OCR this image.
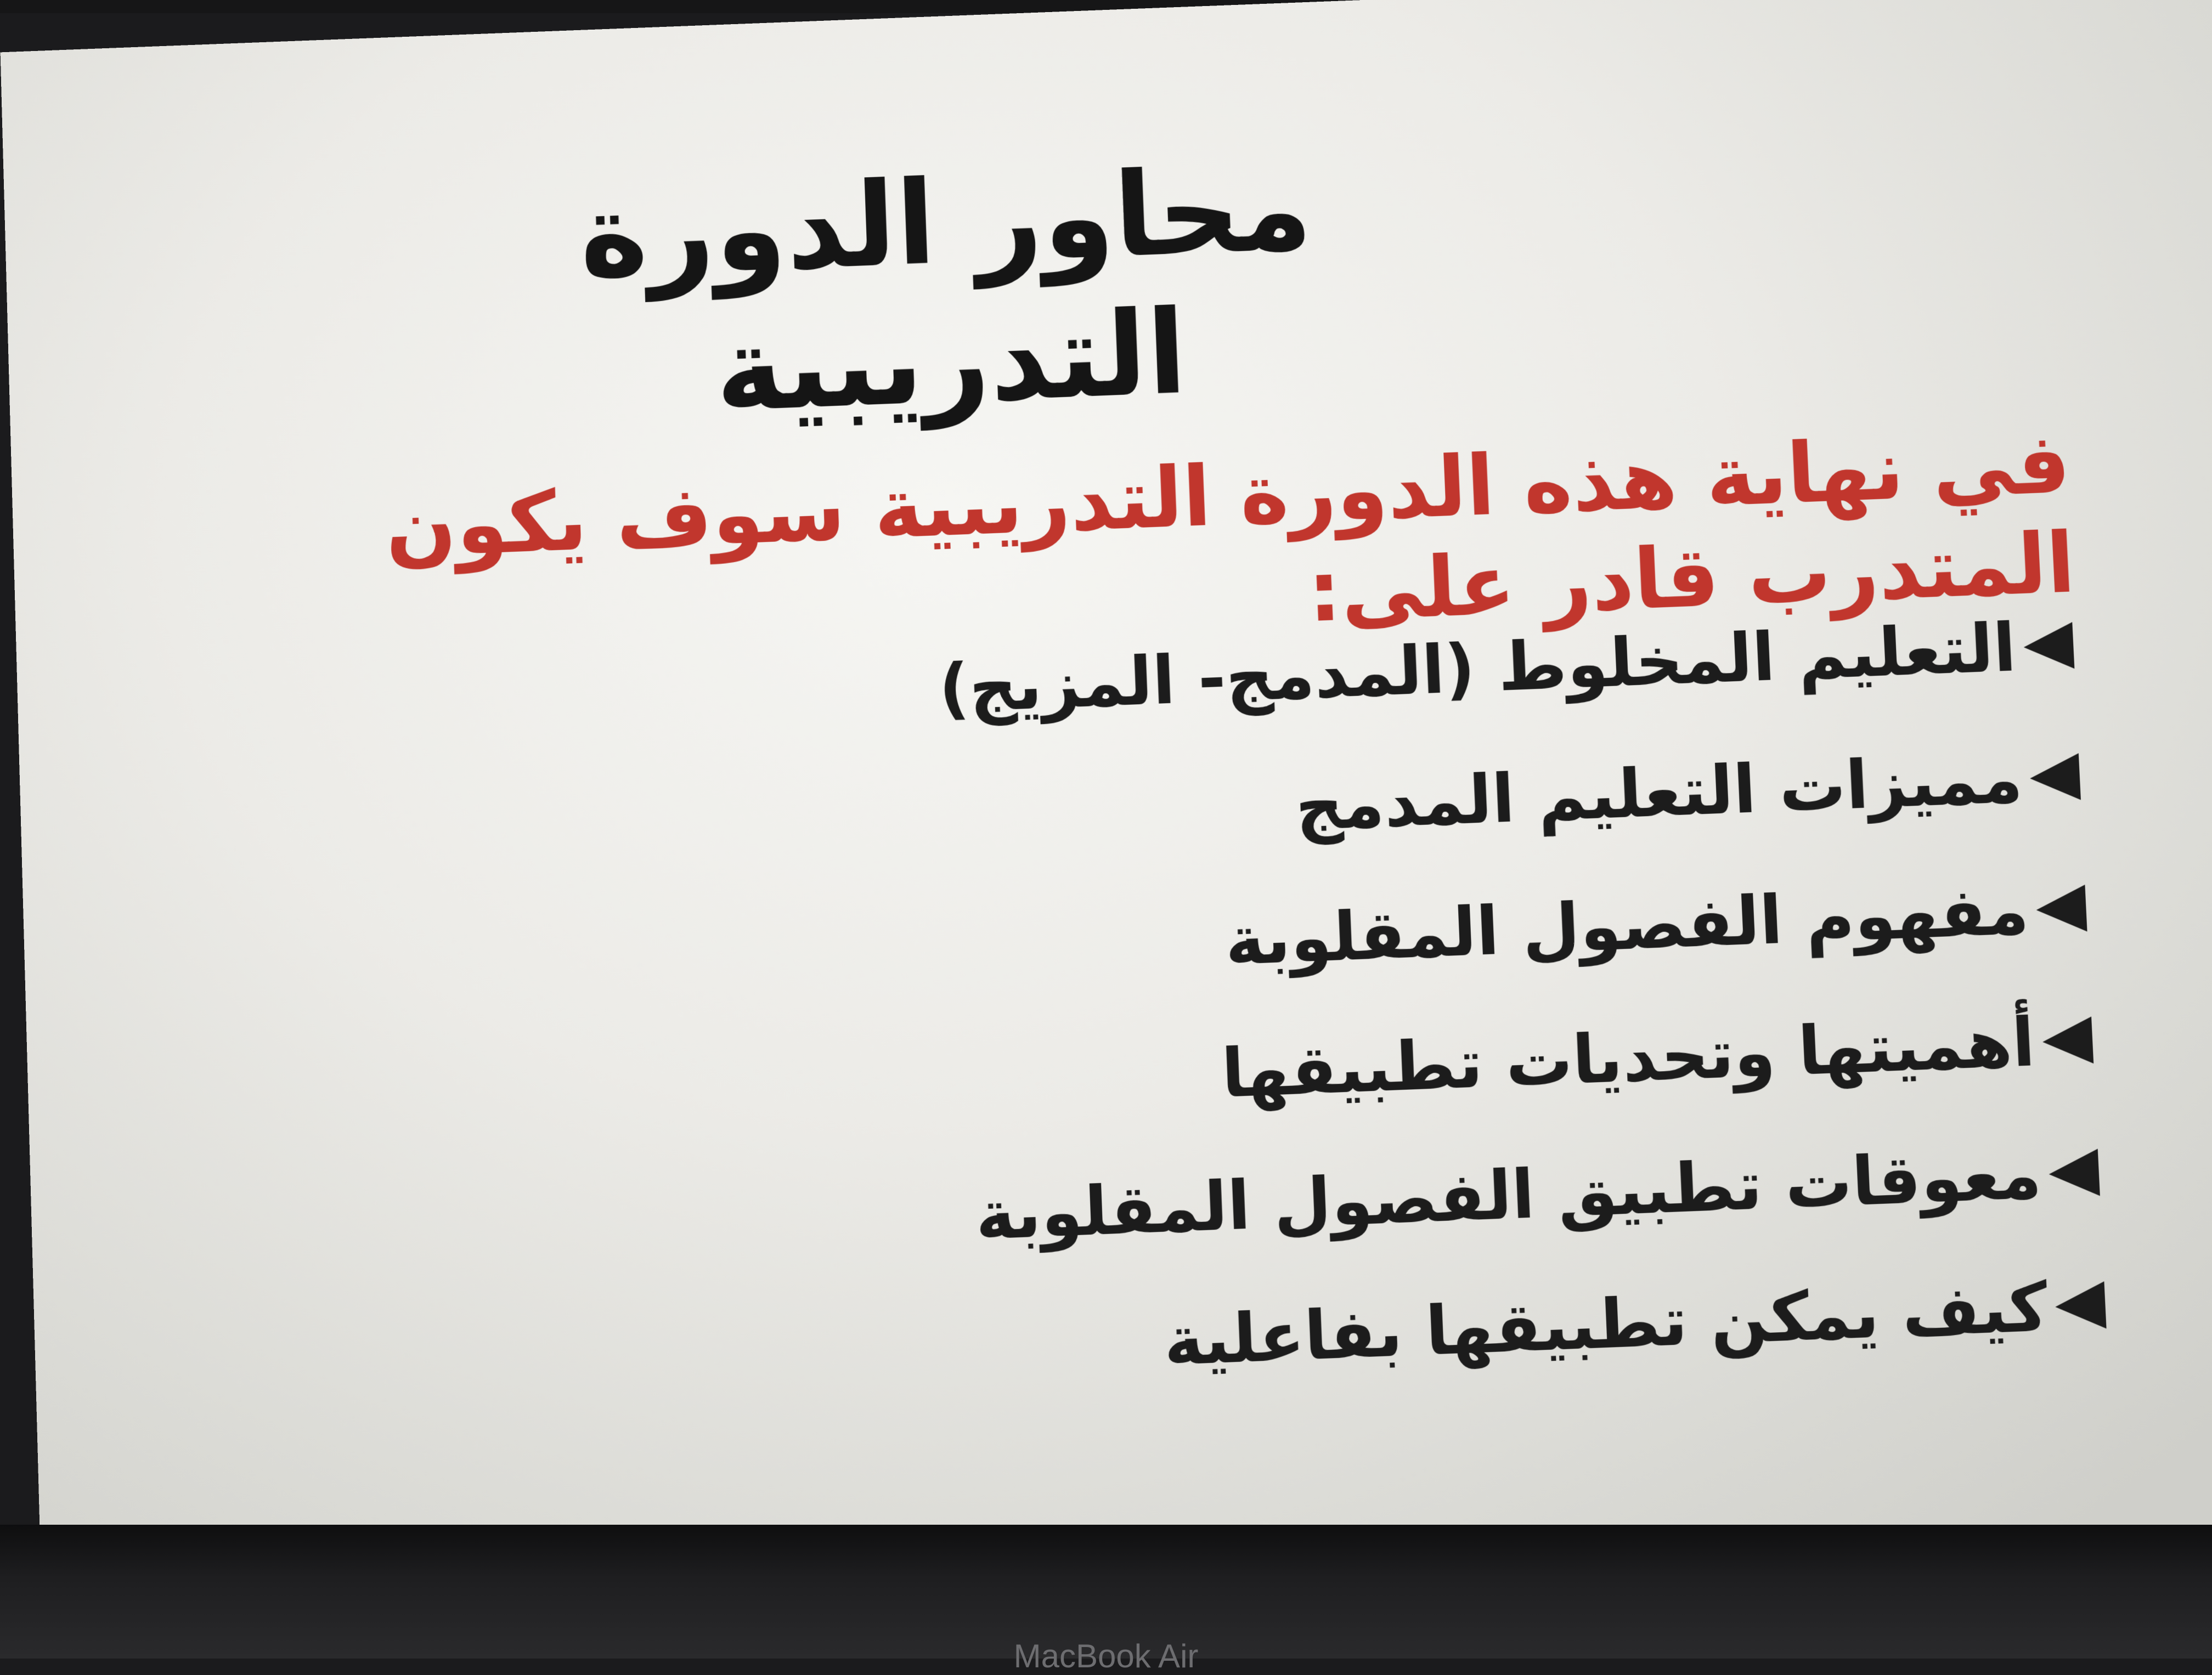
محاور الدورة التدريبية

في نهاية هذه الدورة التدريبية سوف يكون المتدرب قادر على:

التعليم المخلوط (المدمج- المزيج)
مميزات التعليم المدمج
مفهوم الفصول المقلوبة
أهميتها وتحديات تطبيقها
معوقات تطبيق الفصول المقلوبة
كيف يمكن تطبيقها بفاعلية
MacBook Air
